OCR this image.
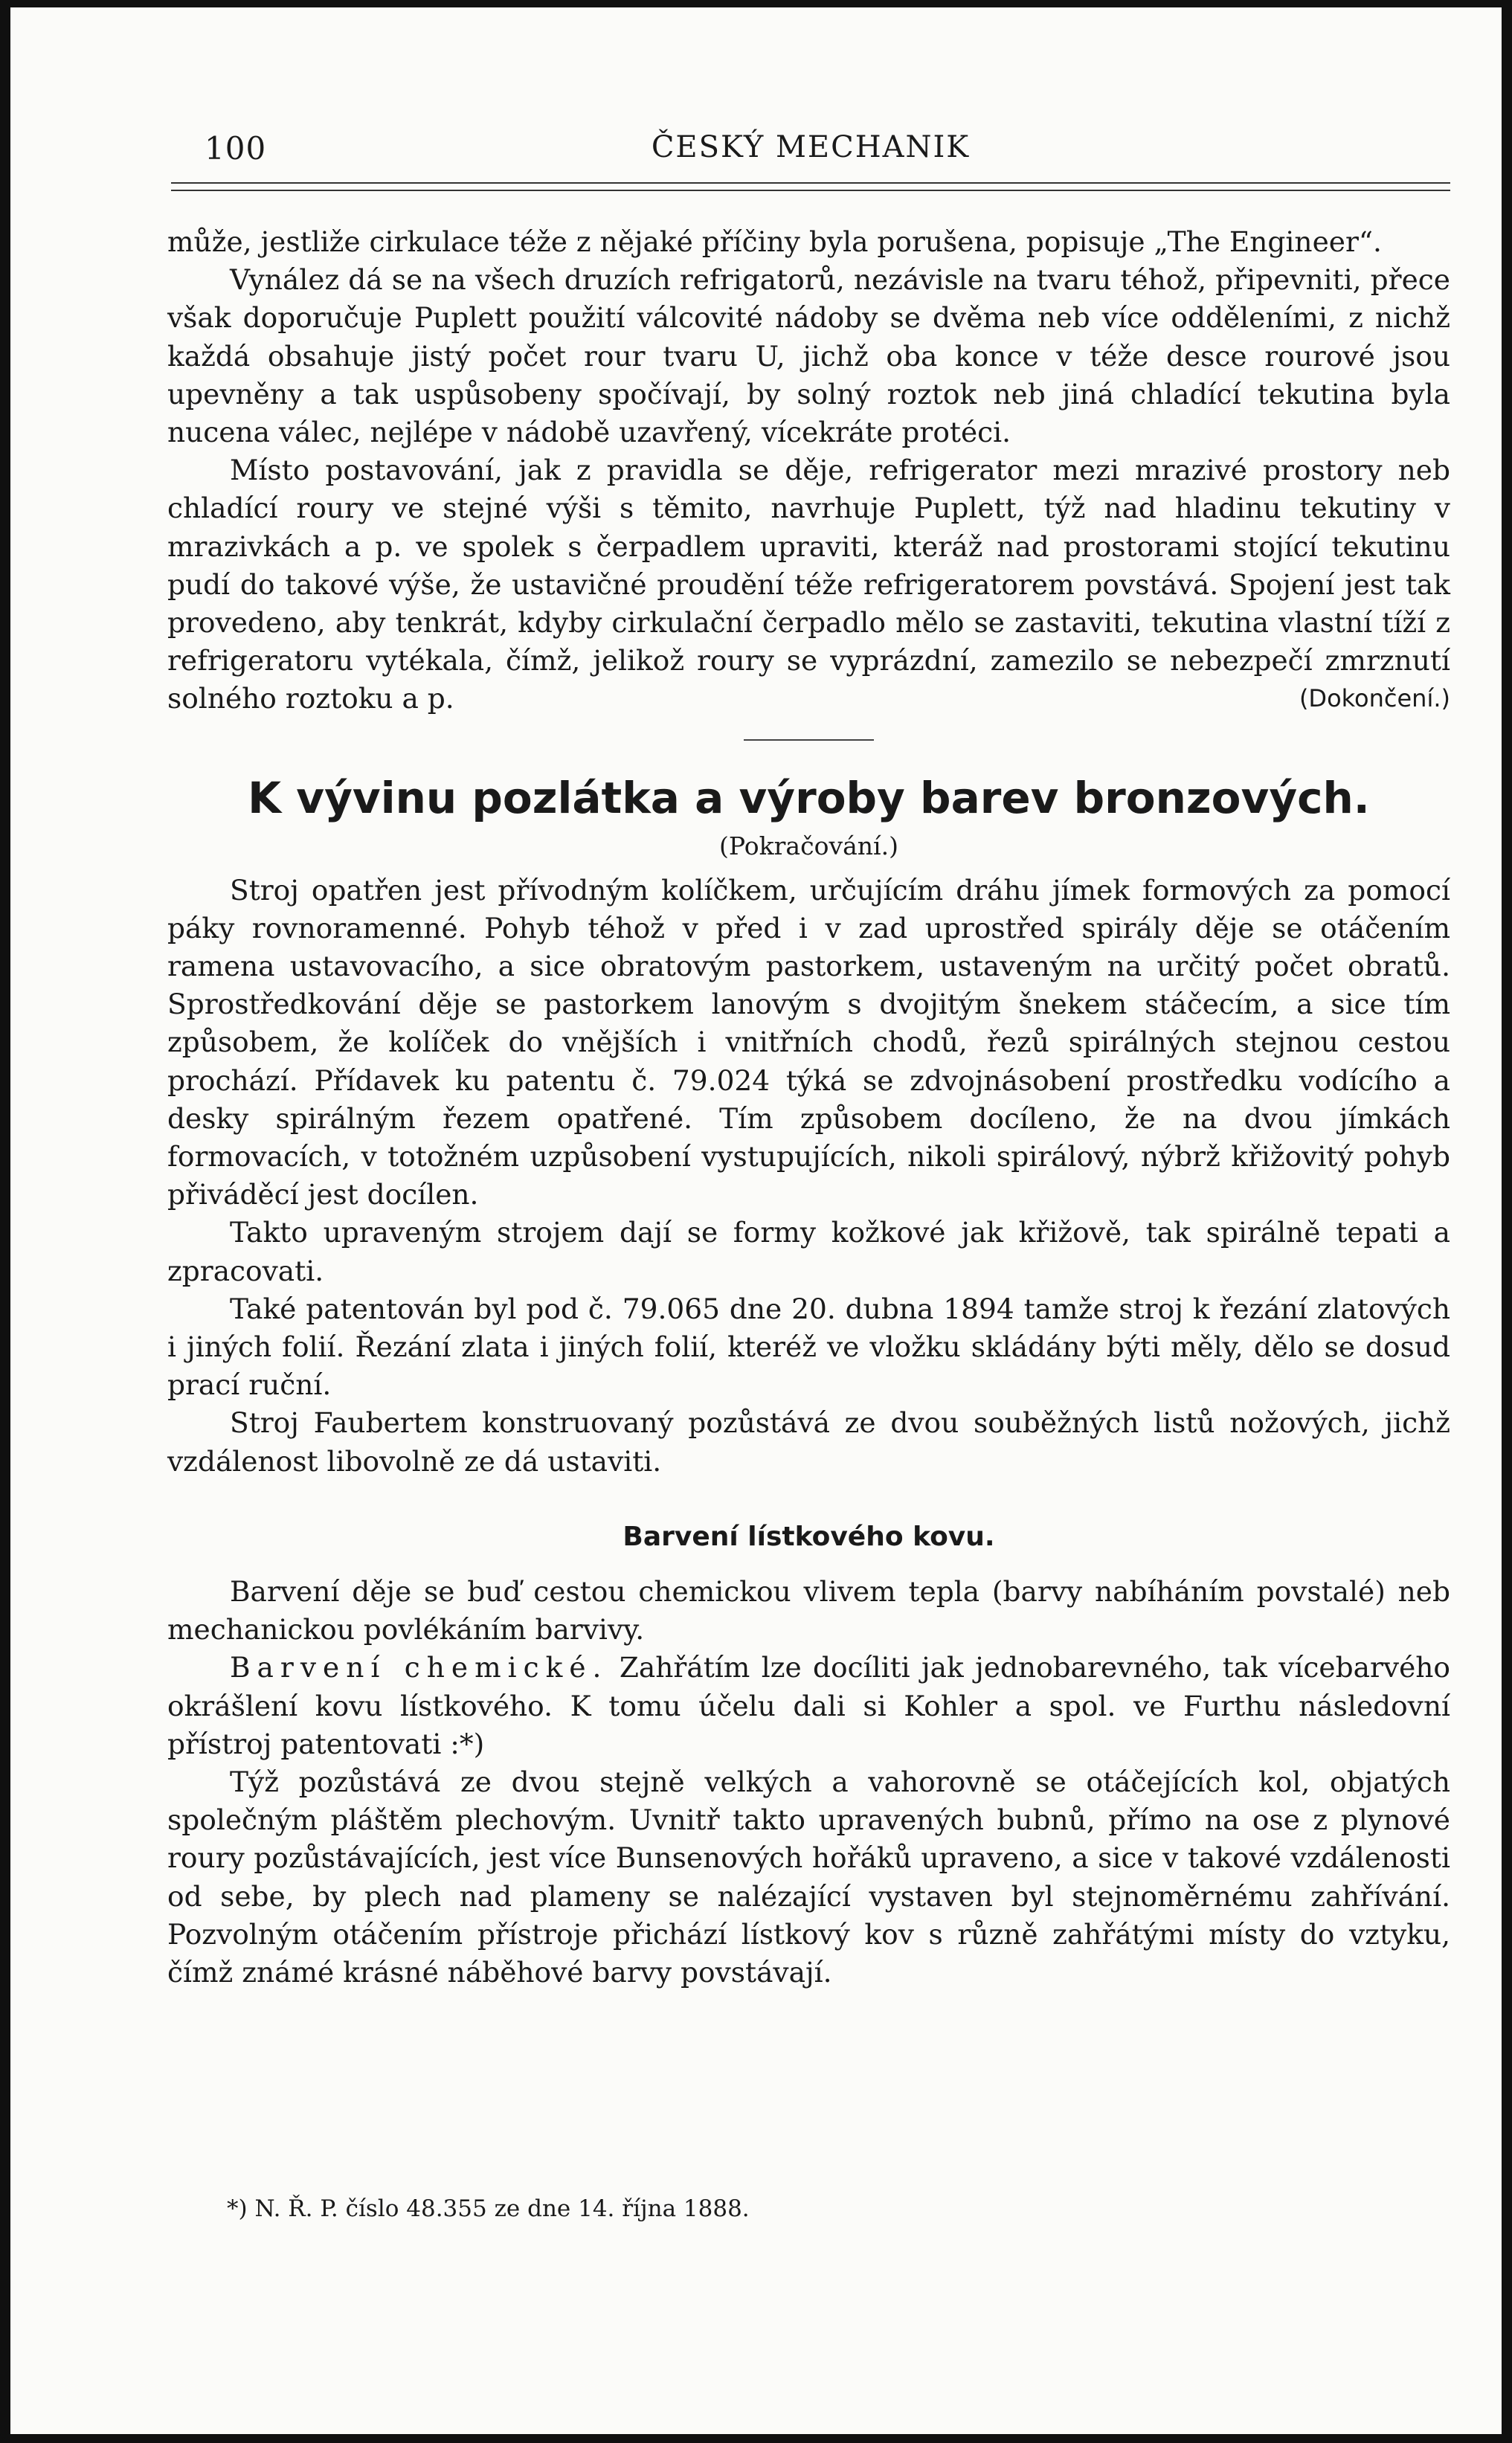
100	ČESKÝ MECHANIK

může, jestliže cirkulace téže z nějaké příčiny byla porušena, popisuje „The Engineer“.

Vynález dá se na všech druzích refrigatorů, nezávisle na tvaru téhož, připevniti, přece však doporučuje Puplett použití válcovité nádoby se dvěma neb více odděleními, z nichž každá obsahuje jistý počet rour tvaru U, jichž oba konce v téže desce rourové jsou upevněny a tak uspůsobeny spočívají, by solný roztok neb jiná chladící tekutina byla nucena válec, nejlépe v nádobě uzavřený, vícekráte protéci.

Místo postavování, jak z pravidla se děje, refrigerator mezi mrazivé prostory neb chladící roury ve stejné výši s těmito, navrhuje Puplett, týž nad hladinu tekutiny v mrazivkách a p. ve spolek s čerpadlem upraviti, kteráž nad prostorami stojící tekutinu pudí do takové výše, že ustavičné proudění téže refrigeratorem povstává. Spojení jest tak provedeno, aby tenkrát, kdyby cirkulační čerpadlo mělo se zastaviti, tekutina vlastní tíží z refrigeratoru vytékala, čímž, jelikož roury se vyprázdní, zamezilo se nebezpečí zmrznutí solného roztoku a p.	(Dokončení.)

K vývinu pozlátka a výroby barev bronzových.
(Pokračování.)

Stroj opatřen jest přívodným kolíčkem, určujícím dráhu jímek formových za pomocí páky rovnoramenné. Pohyb téhož v před i v zad uprostřed spirály děje se otáčením ramena ustavovacího, a sice obratovým pastorkem, ustaveným na určitý počet obratů. Sprostředkování děje se pastorkem lanovým s dvojitým šnekem stáčecím, a sice tím způsobem, že kolíček do vnějších i vnitřních chodů, řezů spirálných stejnou cestou prochází. Přídavek ku patentu č. 79.024 týká se zdvojnásobení prostředku vodícího a desky spirálným řezem opatřené. Tím způsobem docíleno, že na dvou jímkách formovacích, v totožném uzpůsobení vystupujících, nikoli spirálový, nýbrž křižovitý pohyb přiváděcí jest docílen.

Takto upraveným strojem dají se formy kožkové jak křižově, tak spirálně tepati a zpracovati.

Také patentován byl pod č. 79.065 dne 20. dubna 1894 tamže stroj k řezání zlatových i jiných folií. Řezání zlata i jiných folií, kteréž ve vložku skládány býti měly, dělo se dosud prací ruční.

Stroj Faubertem konstruovaný pozůstává ze dvou souběžných listů nožových, jichž vzdálenost libovolně ze dá ustaviti.

Barvení lístkového kovu.

Barvení děje se buď cestou chemickou vlivem tepla (barvy nabíháním povstalé) neb mechanickou povlékáním barvivy.

Barvení chemické. Zahřátím lze docíliti jak jednobarevného, tak vícebarvého okrášlení kovu lístkového. K tomu účelu dali si Kohler a spol. ve Furthu následovní přístroj patentovati :*)

Týž pozůstává ze dvou stejně velkých a vahorovně se otáčejících kol, objatých společným pláštěm plechovým. Uvnitř takto upravených bubnů, přímo na ose z plynové roury pozůstávajících, jest více Bunsenových hořáků upraveno, a sice v takové vzdálenosti od sebe, by plech nad plameny se nalézající vystaven byl stejnoměrnému zahřívání. Pozvolným otáčením přístroje přichází lístkový kov s různě zahřátými místy do vztyku, čímž známé krásné náběhové barvy povstávají.

*) N. Ř. P. číslo 48.355 ze dne 14. října 1888.
